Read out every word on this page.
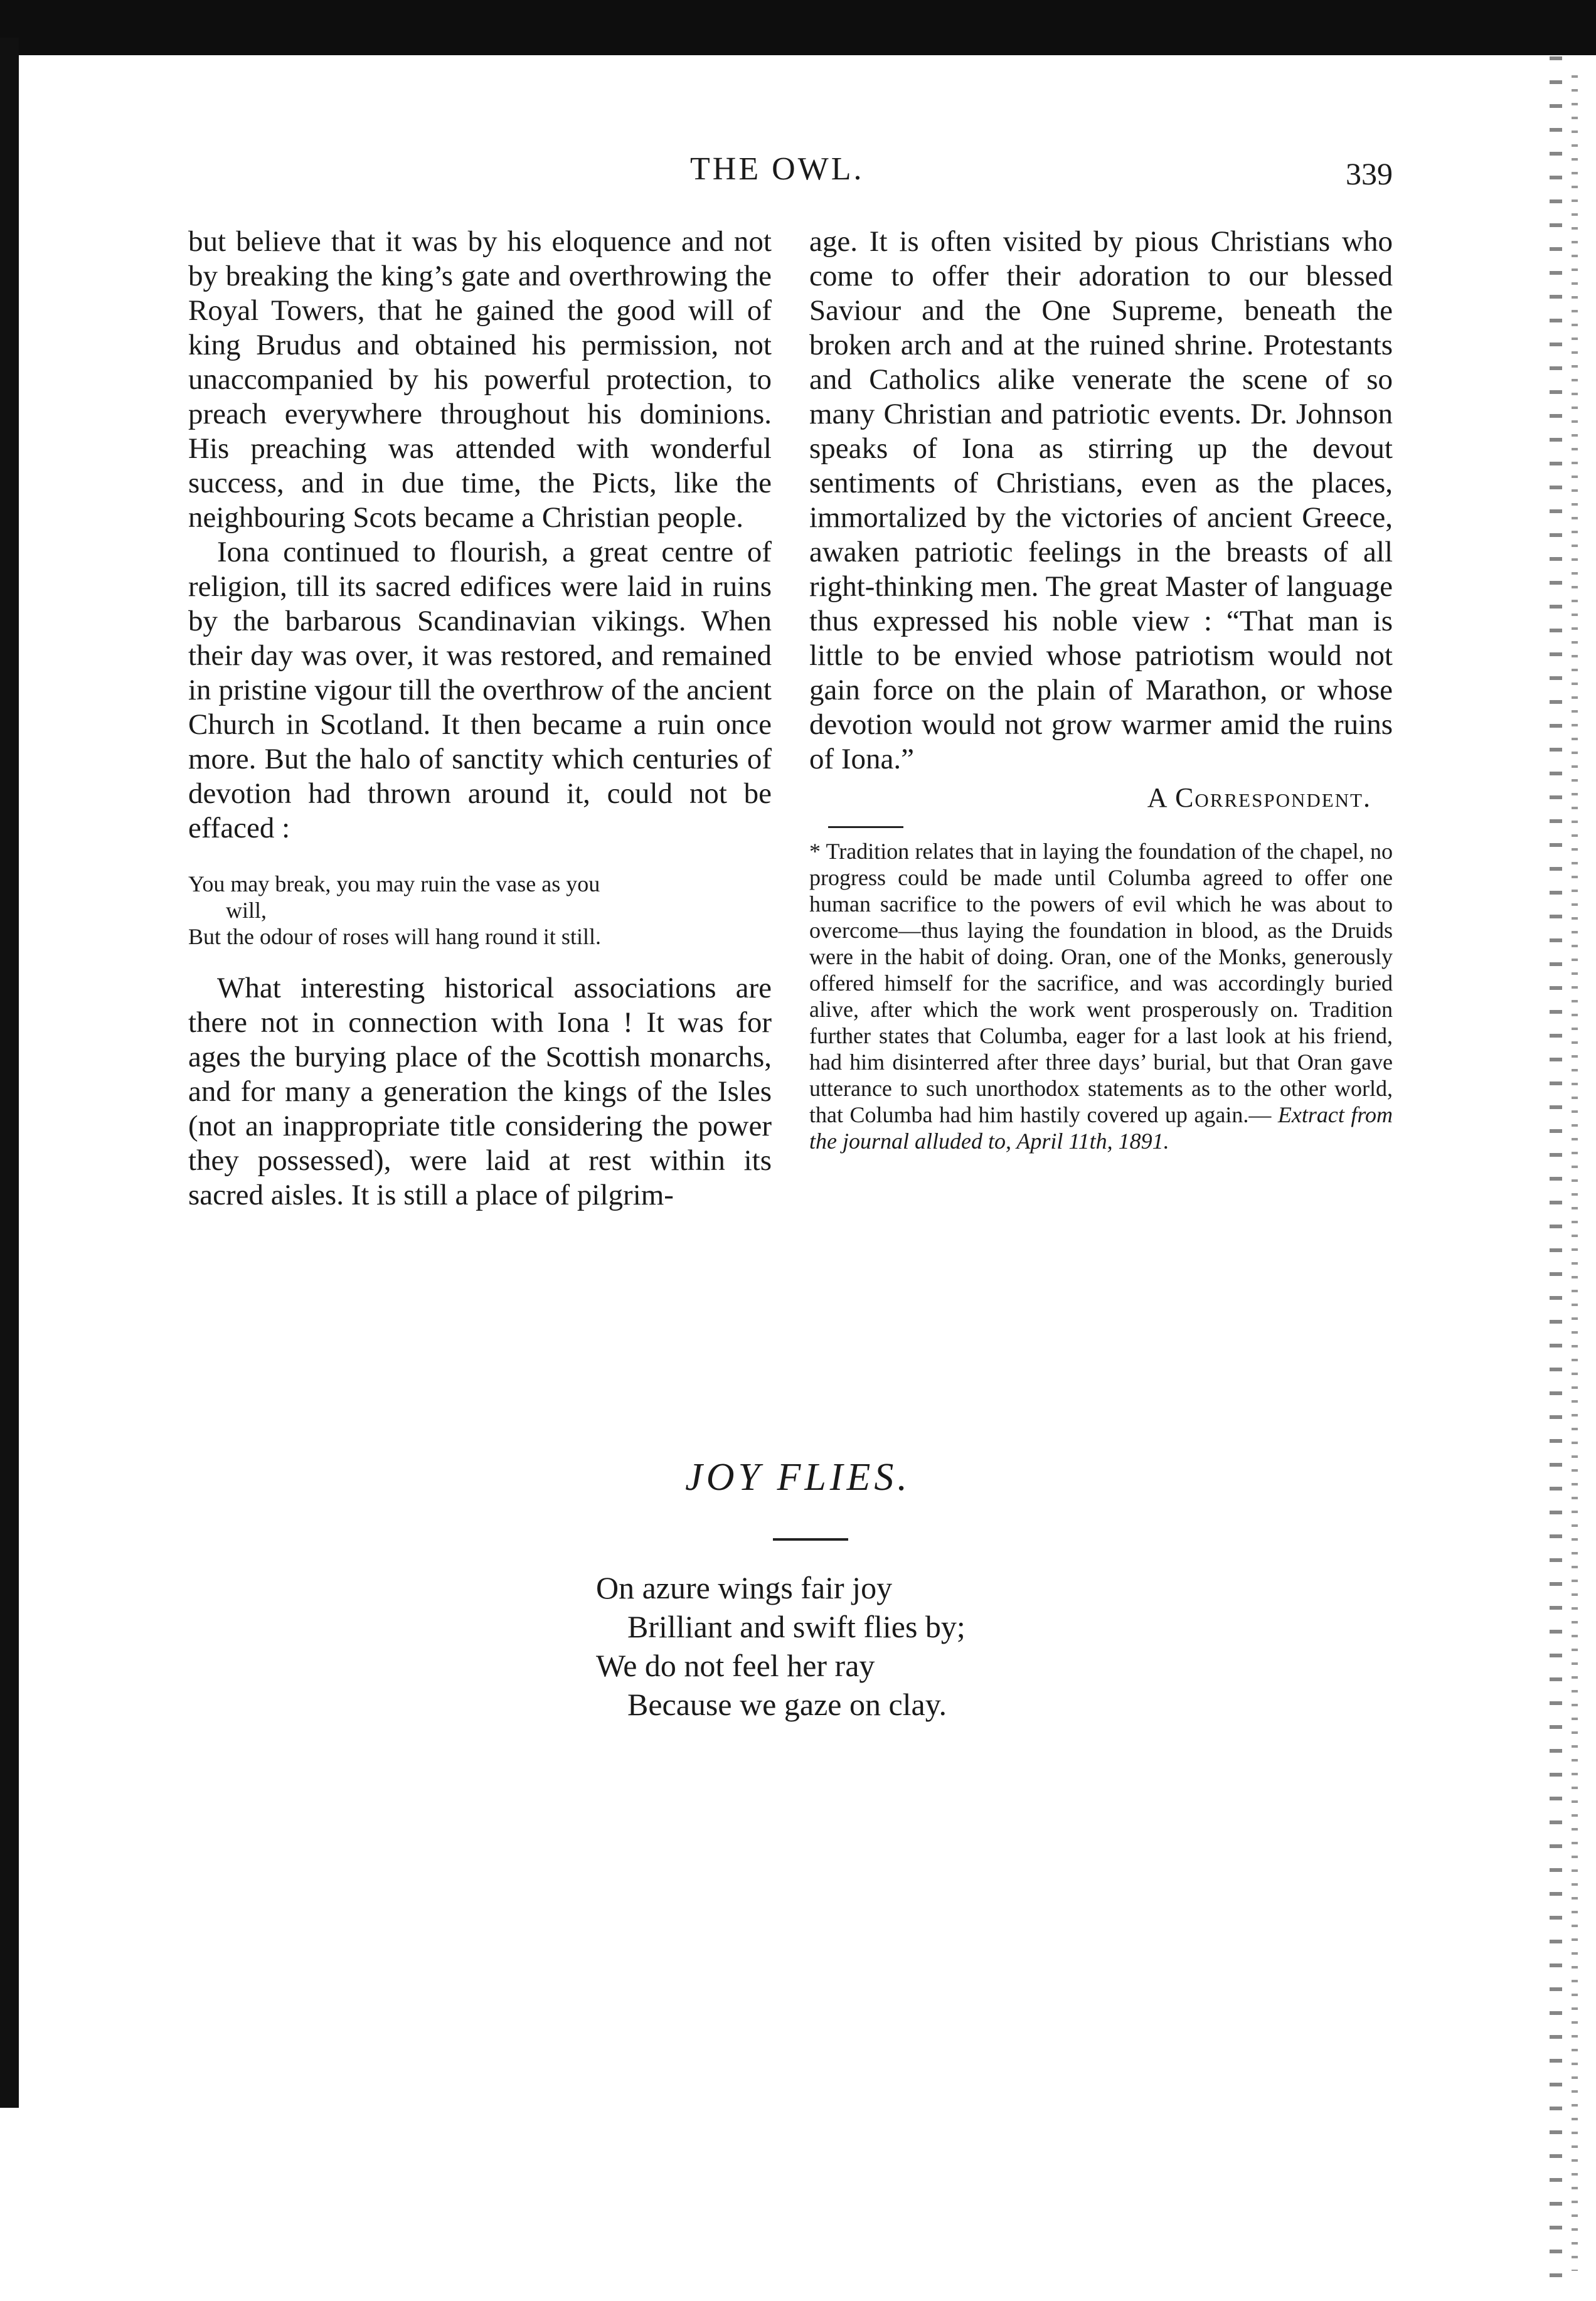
THE OWL.	339

but believe that it was by his eloquence and not by breaking the king’s gate and overthrowing the Royal Towers, that he gained the good will of king Brudus and obtained his permission, not unaccompanied by his powerful protection, to preach everywhere throughout his dominions. His preaching was attended with wonderful success, and in due time, the Picts, like the neighbouring Scots became a Christian people.

Iona continued to flourish, a great centre of religion, till its sacred edifices were laid in ruins by the barbarous Scandinavian vikings. When their day was over, it was restored, and remained in pristine vigour till the overthrow of the ancient Church in Scotland. It then became a ruin once more. But the halo of sanctity which centuries of devotion had thrown around it, could not be effaced :

You may break, you may ruin the vase as you
will,
But the odour of roses will hang round it still.

What interesting historical associations are there not in connection with Iona ! It was for ages the burying place of the Scottish monarchs, and for many a generation the kings of the Isles (not an inappropriate title considering the power they possessed), were laid at rest within its sacred aisles. It is still a place of pilgrim-

age. It is often visited by pious Christians who come to offer their adoration to our blessed Saviour and the One Supreme, beneath the broken arch and at the ruined shrine. Protestants and Catholics alike venerate the scene of so many Christian and patriotic events. Dr. Johnson speaks of Iona as stirring up the devout sentiments of Christians, even as the places, immortalized by the victories of ancient Greece, awaken patriotic feelings in the breasts of all right-thinking men. The great Master of language thus expressed his noble view : “That man is little to be envied whose patriotism would not gain force on the plain of Marathon, or whose devotion would not grow warmer amid the ruins of Iona.”

A Correspondent.

* Tradition relates that in laying the foundation of the chapel, no progress could be made until Columba agreed to offer one human sacrifice to the powers of evil which he was about to overcome—thus laying the foundation in blood, as the Druids were in the habit of doing. Oran, one of the Monks, generously offered himself for the sacrifice, and was accordingly buried alive, after which the work went prosperously on. Tradition further states that Columba, eager for a last look at his friend, had him disinterred after three days’ burial, but that Oran gave utterance to such unorthodox statements as to the other world, that Columba had him hastily covered up again.— Extract from the journal alluded to, April 11th, 1891.

JOY FLIES.
On azure wings fair joy
Brilliant and swift flies by;
We do not feel her ray
Because we gaze on clay.
